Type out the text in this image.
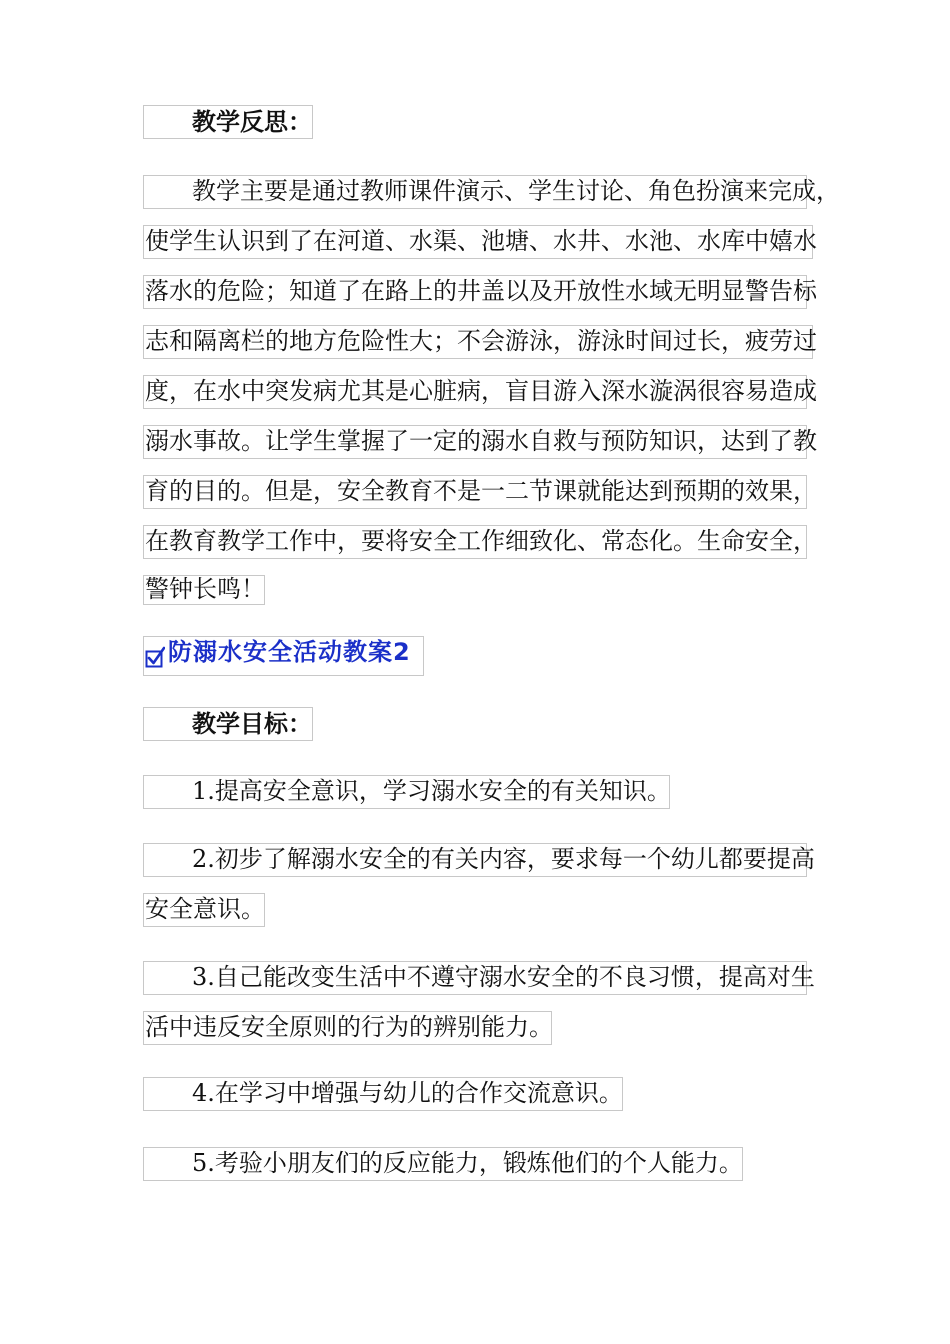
教学反思：
教学主要是通过教师课件演示、学生讨论、角色扮演来完成，
使学生认识到了在河道、水渠、池塘、水井、水池、水库中嬉水
落水的危险；知道了在路上的井盖以及开放性水域无明显警告标
志和隔离栏的地方危险性大；不会游泳，游泳时间过长，疲劳过
度，在水中突发病尤其是心脏病，盲目游入深水漩涡很容易造成
溺水事故。让学生掌握了一定的溺水自救与预防知识，达到了教
育的目的。但是，安全教育不是一二节课就能达到预期的效果，
在教育教学工作中，要将安全工作细致化、常态化。生命安全，
警钟长鸣！
防溺水安全活动教案2
教学目标：
1.提高安全意识，学习溺水安全的有关知识。
2.初步了解溺水安全的有关内容，要求每一个幼儿都要提高
安全意识。
3.自己能改变生活中不遵守溺水安全的不良习惯，提高对生
活中违反安全原则的行为的辨别能力。
4.在学习中增强与幼儿的合作交流意识。
5.考验小朋友们的反应能力，锻炼他们的个人能力。
